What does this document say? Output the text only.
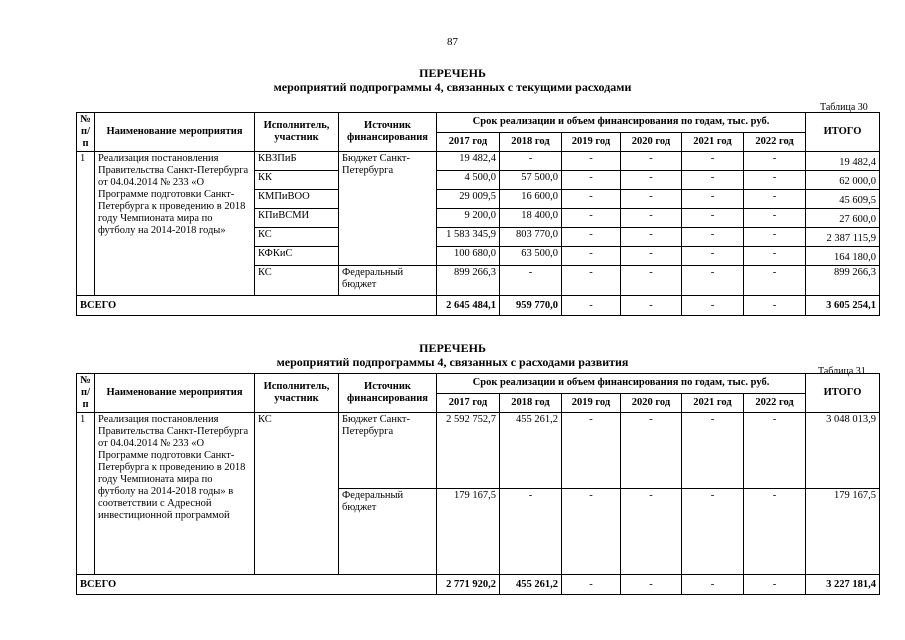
87
ПЕРЕЧЕНЬ
мероприятий подпрограммы 4, связанных с текущими расходами
Таблица 30
№ п/п	Наименование мероприятия	Исполнитель, участник	Источник финансирования	Срок реализации и объем финансирования по годам, тыс. руб.						ИТОГО
				2017 год	2018 год	2019 год	2020 год	2021 год	2022 год	
1	Реализация постановления Правительства Санкт-Петербурга от 04.04.2014 № 233 «О Программе подготовки Санкт-Петербурга к проведению в 2018 году Чемпионата мира по футболу на 2014-2018 годы»	КВЗПиБ	Бюджет Санкт-Петербурга	19 482,4	-	-	-	-	-	19 482,4
		КК		4 500,0	57 500,0	-	-	-	-	62 000,0
		КМПиВОО		29 009,5	16 600,0	-	-	-	-	45 609,5
		КПиВСМИ		9 200,0	18 400,0	-	-	-	-	27 600,0
		КС		1 583 345,9	803 770,0	-	-	-	-	2 387 115,9
		КФКиС		100 680,0	63 500,0	-	-	-	-	164 180,0
		КС	Федеральный бюджет	899 266,3	-	-	-	-	-	899 266,3
ВСЕГО				2 645 484,1	959 770,0	-	-	-	-	3 605 254,1
ПЕРЕЧЕНЬ
мероприятий подпрограммы 4, связанных с расходами развития
Таблица 31
№ п/п	Наименование мероприятия	Исполнитель, участник	Источник финансирования	Срок реализации и объем финансирования по годам, тыс. руб.						ИТОГО
				2017 год	2018 год	2019 год	2020 год	2021 год	2022 год	
1	Реализация постановления Правительства Санкт-Петербурга от 04.04.2014 № 233 «О Программе подготовки Санкт-Петербурга к проведению в 2018 году Чемпионата мира по футболу на 2014-2018 годы» в соответствии с Адресной инвестиционной программой	КС	Бюджет Санкт-Петербурга	2 592 752,7	455 261,2	-	-	-	-	3 048 013,9
			Федеральный бюджет	179 167,5	-	-	-	-	-	179 167,5
ВСЕГО				2 771 920,2	455 261,2	-	-	-	-	3 227 181,4
